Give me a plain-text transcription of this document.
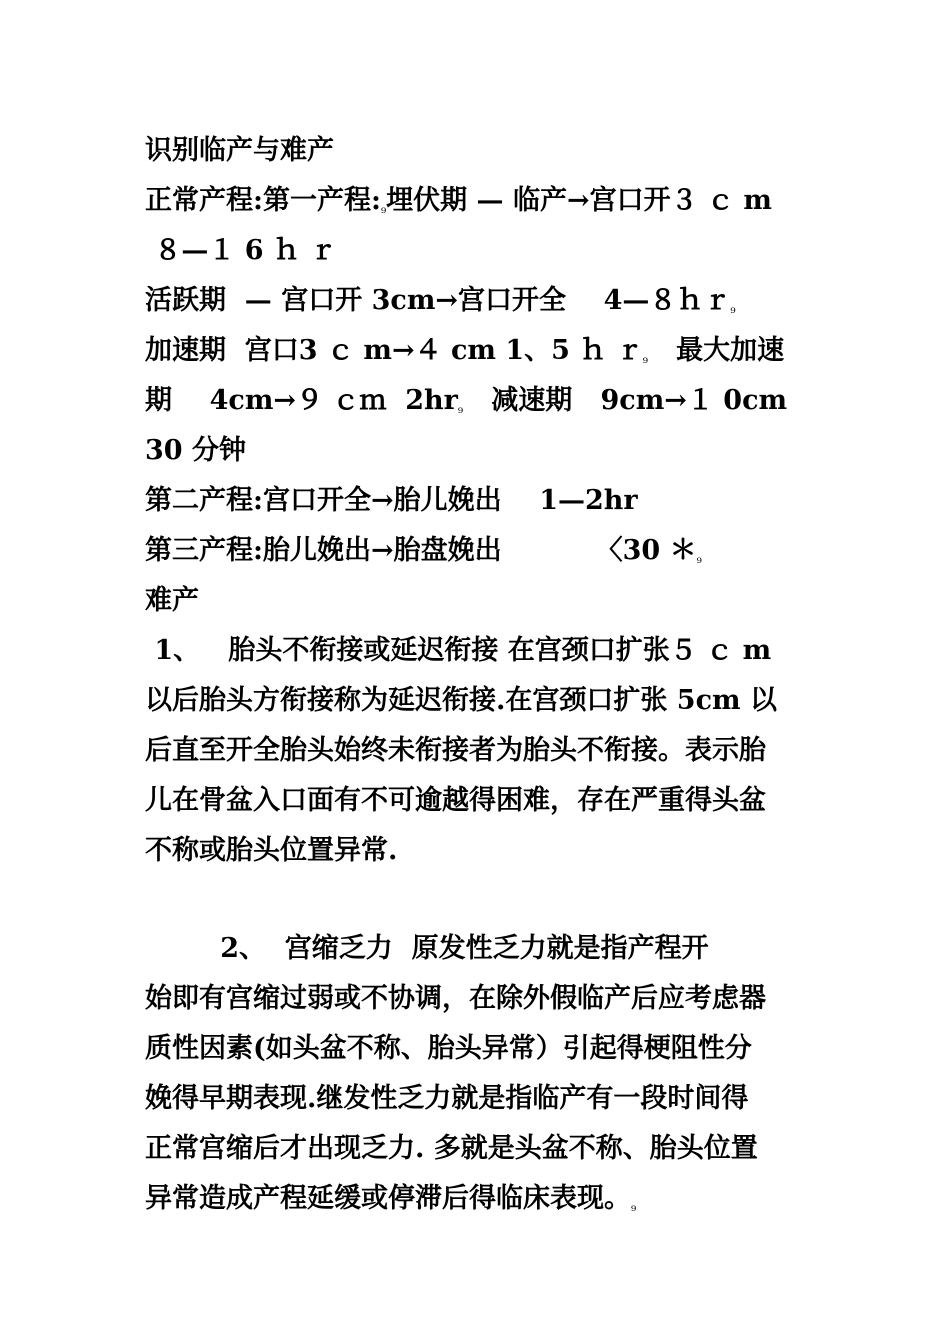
识别临产与难产
正常产程:第一产程:₉埋伏期 — 临产→宫口开３ ｃ m
８—１ 6 ｈ ｒ
活跃期  — 宫口开 3cm→宫口开全    4—８ｈｒ₉
加速期  宫口3 ｃ m→４ cm 1、5 ｈ ｒ₉   最大加速
期    4cm→９ ｃｍ  2hr₉   减速期   9cm→１ 0cm
30 分钟
第二产程:宫口开全→胎儿娩出    1—2hr
第三产程:胎儿娩出→胎盘娩出          〈30 ＊₉
难产
1、   胎头不衔接或延迟衔接 在宫颈口扩张５ ｃ m
以后胎头方衔接称为延迟衔接.在宫颈口扩张 5cm 以
后直至开全胎头始终未衔接者为胎头不衔接。表示胎
儿在骨盆入口面有不可逾越得困难，存在严重得头盆
不称或胎头位置异常.
2、  宫缩乏力  原发性乏力就是指产程开
始即有宫缩过弱或不协调，在除外假临产后应考虑器
质性因素(如头盆不称、胎头异常）引起得梗阻性分
娩得早期表现.继发性乏力就是指临产有一段时间得
正常宫缩后才出现乏力. 多就是头盆不称、胎头位置
异常造成产程延缓或停滞后得临床表现。₉
